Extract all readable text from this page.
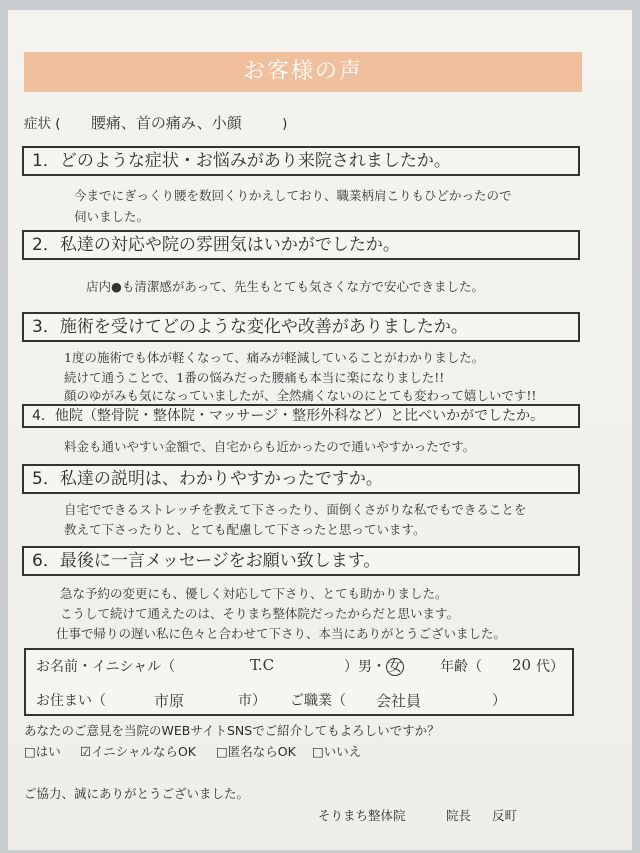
お客様の声
症状 ( 腰痛、首の痛み、小顔	)
1．どのような症状・お悩みがあり来院されましたか。
今までにぎっくり腰を数回くりかえしており、職業柄肩こりもひどかったので
伺いました。
2．私達の対応や院の雰囲気はいかがでしたか。
店内●も清潔感があって、先生もとても気さくな方で安心できました。
3．施術を受けてどのような変化や改善がありましたか。
1度の施術でも体が軽くなって、痛みが軽減していることがわかりました。
続けて通うことで、1番の悩みだった腰痛も本当に楽になりました!!
顔のゆがみも気になっていましたが、全然痛くないのにとても変わって嬉しいです!!
4．他院（整骨院・整体院・マッサージ・整形外科など）と比べいかがでしたか。
料金も通いやすい金額で、自宅からも近かったので通いやすかったです。
5．私達の説明は、わかりやすかったですか。
自宅でできるストレッチを教えて下さったり、面倒くさがりな私でもできることを
教えて下さったりと、とても配慮して下さったと思っています。
6．最後に一言メッセージをお願い致します。
急な予約の変更にも、優しく対応して下さり、とても助かりました。
こうして続けて通えたのは、そりまち整体院だったからだと思います。
仕事で帰りの遅い私に色々と合わせて下さり、本当にありがとうございました。
お名前・イニシャル（	T.C	）男・ 女	年齢（ 20 代）
お住まい（	市原	市） ご職業（ 会社員	）
あなたのご意見を当院のWEBサイトSNSでご紹介してもよろしいですか？
□はい ☑イニシャルならOK □匿名ならOK □いいえ
ご協力、誠にありがとうございました。
そりまち整体院	院長 反町
